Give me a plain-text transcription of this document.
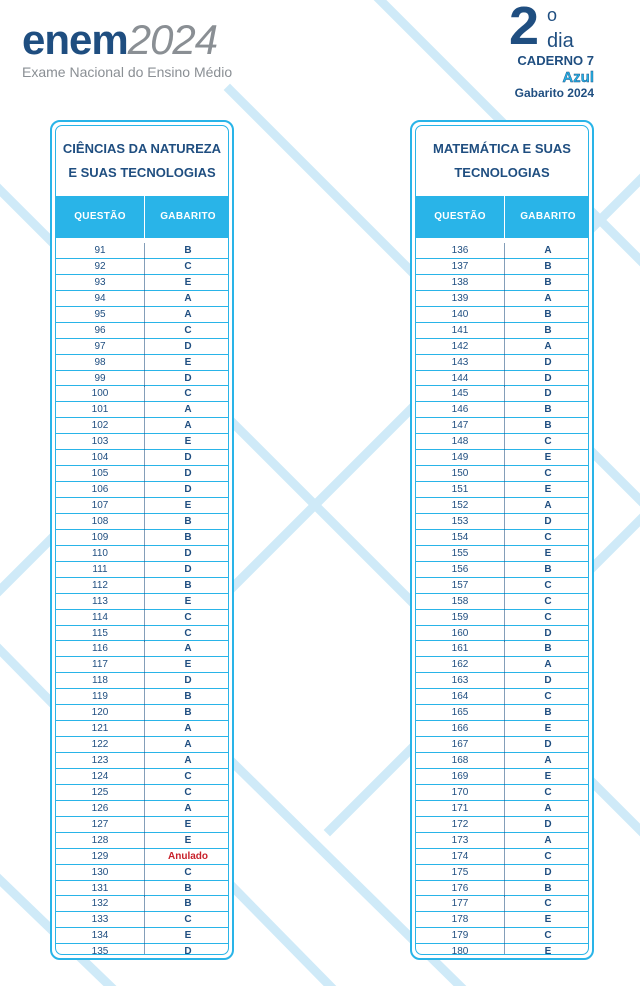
enem2024
Exame Nacional do Ensino Médio
2 o
dia
CADERNO 7
Azul
Gabarito 2024
CIÊNCIAS DA NATUREZA
E SUAS TECNOLOGIAS
QUESTÃO	GABARITO
91	B
92	C
93	E
94	A
95	A
96	C
97	D
98	E
99	D
100	C
101	A
102	A
103	E
104	D
105	D
106	D
107	E
108	B
109	B
110	D
111	D
112	B
113	E
114	C
115	C
116	A
117	E
118	D
119	B
120	B
121	A
122	A
123	A
124	C
125	C
126	A
127	E
128	E
129	Anulado
130	C
131	B
132	B
133	C
134	E
135	D
MATEMÁTICA E SUAS
TECNOLOGIAS
QUESTÃO	GABARITO
136	A
137	B
138	B
139	A
140	B
141	B
142	A
143	D
144	D
145	D
146	B
147	B
148	C
149	E
150	C
151	E
152	A
153	D
154	C
155	E
156	B
157	C
158	C
159	C
160	D
161	B
162	A
163	D
164	C
165	B
166	E
167	D
168	A
169	E
170	C
171	A
172	D
173	A
174	C
175	D
176	B
177	C
178	E
179	C
180	E
